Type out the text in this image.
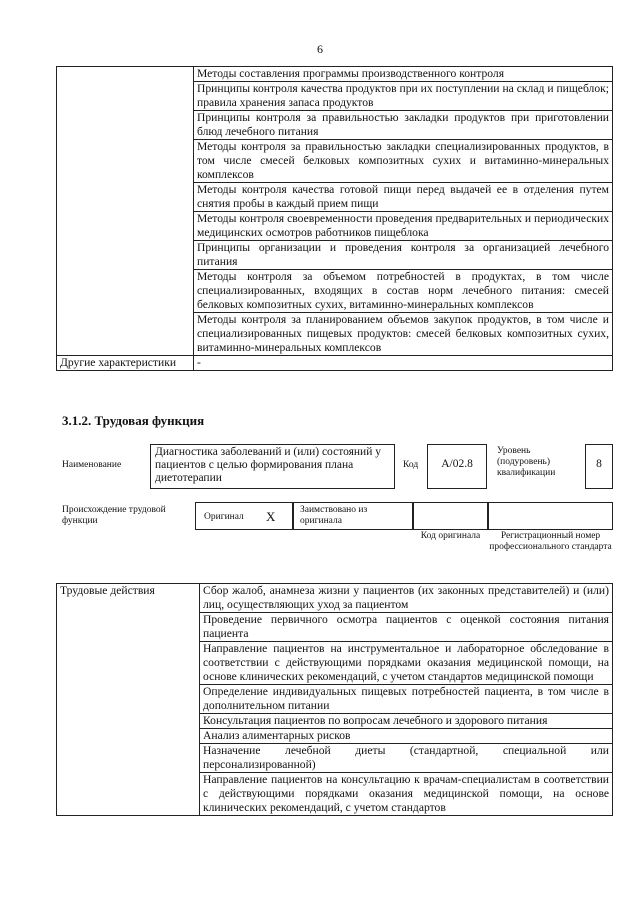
6
	Методы составления программы производственного контроля
	Принципы контроля качества продуктов при их поступлении на склад и пищеблок; правила хранения запаса продуктов
	Принципы контроля за правильностью закладки продуктов при приготовлении блюд лечебного питания
	Методы контроля за правильностью закладки специализированных продуктов, в том числе смесей белковых композитных сухих и витаминно-минеральных комплексов
	Методы контроля качества готовой пищи перед выдачей ее в отделения путем снятия пробы в каждый прием пищи
	Методы контроля своевременности проведения предварительных и периодических медицинских осмотров работников пищеблока
	Принципы организации и проведения контроля за организацией лечебного питания
	Методы контроля за объемом потребностей в продуктах, в том числе специализированных, входящих в состав норм лечебного питания: смесей белковых композитных сухих, витаминно-минеральных комплексов
	Методы контроля за планированием объемов закупок продуктов, в том числе и специализированных пищевых продуктов: смесей белковых композитных сухих, витаминно-минеральных комплексов
Другие характеристики	-
3.1.2. Трудовая функция
Наименование
Диагностика заболеваний и (или) состояний у пациентов с целью формирования плана диетотерапии
Код	A/02.8
Уровень (подуровень) квалификации
8
Происхождение трудовой функции	Оригинал X	Заимствовано из оригинала
Код оригинала	Регистрационный номер профессионального стандарта
Трудовые действия	Сбор жалоб, анамнеза жизни у пациентов (их законных представителей) и (или) лиц, осуществляющих уход за пациентом
Проведение первичного осмотра пациентов с оценкой состояния питания пациента
Направление пациентов на инструментальное и лабораторное обследование в соответствии с действующими порядками оказания медицинской помощи, на основе клинических рекомендаций, с учетом стандартов медицинской помощи
Определение индивидуальных пищевых потребностей пациента, в том числе в дополнительном питании
Консультация пациентов по вопросам лечебного и здорового питания
Анализ алиментарных рисков
Назначение лечебной диеты (стандартной, специальной или персонализированной)
Направление пациентов на консультацию к врачам-специалистам в соответствии с действующими порядками оказания медицинской помощи, на основе клинических рекомендаций, с учетом стандартов
